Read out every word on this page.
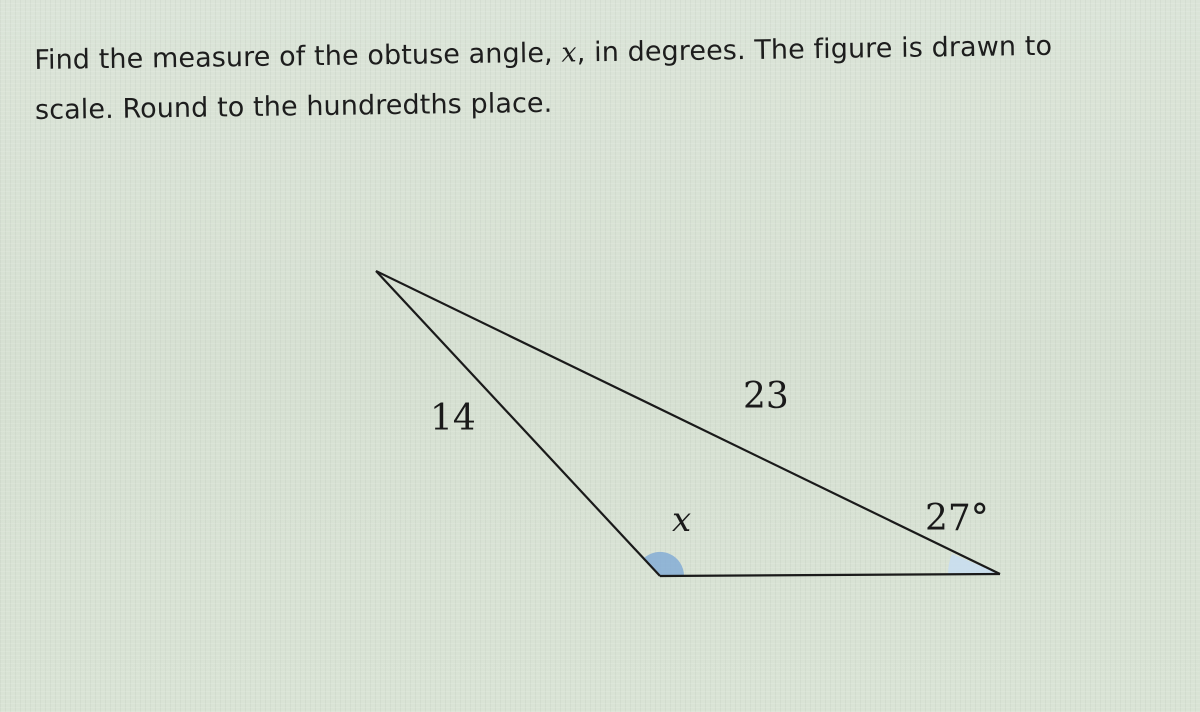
Find the measure of the obtuse angle, x, in degrees. The figure is drawn to
scale. Round to the hundredths place.
14
23
x	27°
